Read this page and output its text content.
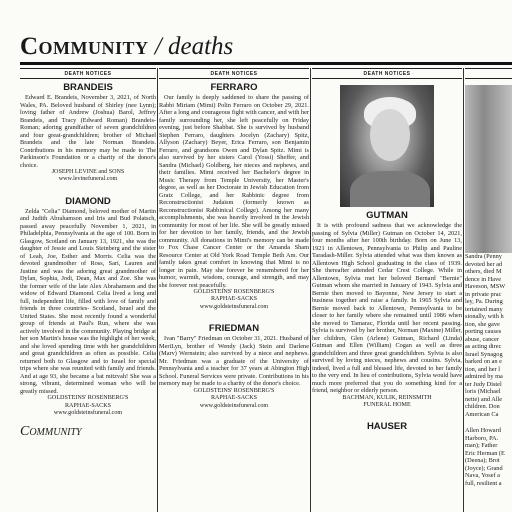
Community / deaths
DEATH NOTICES
BRANDEIS

Edward E. Brandeis, November 3, 2021, of North Wales, PA. Beloved husband of Shirley (nee Lynn); loving father of Andrew (Joshua) Barol, Jeffrey Brandeis, and Tracy (Edward Roman) Brandeis-Roman; adoring grandfather of seven grandchildren and four great-grandchildren; brother of Michael Brandeis and the late Norman Brandeis. Contributions in his memory may be made to The Parkinson's Foundation or a charity of the donor's choice.

JOSEPH LEVINE and SONS

www.levinefuneral.com

DIAMOND

Zelda "Celia" Diamond, beloved mother of Martin and Judith Abrahamson and Iris and Bud Polatsch, passed away peacefully November 1, 2021, in Philadelphia, Pennsylvania at the age of 100. Born in Glasgow, Scotland on January 13, 1921, she was the daughter of Jessie and Louis Steinberg and the sister of Leah, Joe, Esther and Morris. Celia was the devoted grandmother of Ross, Sari, Lauren and Justine and was the adoring great grandmother of Dylan, Sophia, Jodi, Dean, Max and Zoe. She was the former wife of the late Alex Abrahamson and the widow of Edward Diamond. Celia lived a long and full, independent life, filled with love of family and friends in three countries- Scotland, Israel and the United States. She most recently found a wonderful group of friends at Paul's Run, where she was actively involved in the community. Playing bridge at her son Martin's house was the highlight of her week, and she loved spending time with her grandchildren and great grandchildren as often as possible. Celia returned both to Glasgow and to Israel for special trips where she was reunited with family and friends. And at age 93, she became a bat mitzvah! She was a strong, vibrant, determined woman who will be greatly missed.

GOLDSTEINS' ROSENBERG'S

RAPHAE-SACKS

www.goldsteinsfuneral.com

Community
DEATH NOTICES
FERRARO

Our family is deeply saddened to share the passing of Rabbi Miriam (Mimi) Polin Ferraro on October 29, 2021. After a long and courageous fight with cancer, and with her family surrounding her, she left peacefully on Friday evening, just before Shabbat. She is survived by husband Stephen Ferraro, daughters Jocelyn (Zachary) Spitz, Allyson (Zachary) Beyer, Erica Ferraro, son Benjamin Ferraro, and grandsons Owen and Dylan Spitz. Mimi is also survived by her sisters Carol (Yossi) Sheffer, and Sandra (Michael) Goldberg, her nieces and nephews, and their families. Mimi received her Bachelor's degree in Music Therapy from Temple University, her Master's degree, as well as her Doctorate in Jewish Education from Gratz College, and her Rabbinic degree from Reconstructionist Judaism (formerly known as Reconstructionist Rabbinical College). Among her many accomplishments, she was heavily involved in the Jewish community for most of her life. She will be greatly missed for her devotion to her family, friends, and the Jewish community. All donations in Mimi's memory can be made to Fox Chase Cancer Center or the Amanda Sham Resource Center at Old York Road Temple Beth Am. Our family takes great comfort in knowing that Mimi is no longer in pain. May she forever be remembered for her humor, warmth, wisdom, courage, and strength, and may she forever rest peacefully.

GOLDSTEINS' ROSENBERG'S

RAPHAE-SACKS

www.goldsteinsfuneral.com

FRIEDMAN

Ivan "Barry" Friedman on October 31, 2021. Husband of MeriLyn, brother of Wendy (Jack) Stein and Darlene (Marv) Wernstein; also survived by a niece and nephews. Mr. Friedman was a graduate of the University of Pennsylvania and a teacher for 37 years at Abington High School. Funeral Services were private. Contributions in his memory may be made to a charity of the donor's choice.

GOLDSTEINS' ROSENBERG'S

RAPHAE-SACKS

www.goldsteinsfuneral.com

DEATH NOTICES
GUTMAN

It is with profound sadness that we acknowledge the passing of Sylvia (Miller) Gutman on October 14, 2021, four months after her 100th birthday. Born on June 13, 1921 in Allentown, Pennsylvania to Philip and Pauline Taradash-Miller. Sylvia attended what was then known as Allentown High School graduating in the class of 1939. She thereafter attended Cedar Crest College. While in Allentown, Sylvia met her beloved Bernard "Bernie" Gutman whom she married in January of 1943. Sylvia and Bernie then moved to Bayonne, New Jersey to start a business together and raise a family. In 1965 Sylvia and Bernie moved back to Allentown, Pennsylvania to be closer to her family where she remained until 1986 when she moved to Tamarac, Florida until her recent passing. Sylvia is survived by her brother, Norman (Maxine) Miller, her children, Glen (Arlene) Gutman, Richard (Linda) Gutman and Ellen (William) Cogan as well as three grandchildren and three great grandchildren. Sylvia is also survived by loving nieces, nephews and cousins. Sylvia, indeed, lived a full and blessed life, devoted to her family to the very end. In lieu of contributions, Sylvia would have much more preferred that you do something kind for a friend, neighbor or elderly person.

BACHMAN, KULIK, REINSMITH

FUNERAL HOME

HAUSER

Sandra (Penny

devoted her ad

others, died M

dence in Have

Haveson, MSW

in private prac

ley, Pa. During

tertained many

sionally, with h

tion, she gave

porting causes

abuse, cancer

as acting direc

Israel Synagog

barked on an e

tion, and her l

admired by ma

ter Judy Distel

loris (Michael

nette) and Alle

children. Don

American Ca

Allen Howard

Harboro, PA.

man); Father

Eric Herman (E

(Deena); Brot

(Joyce); Grand

Nava, Yosef a

full, resilient a
